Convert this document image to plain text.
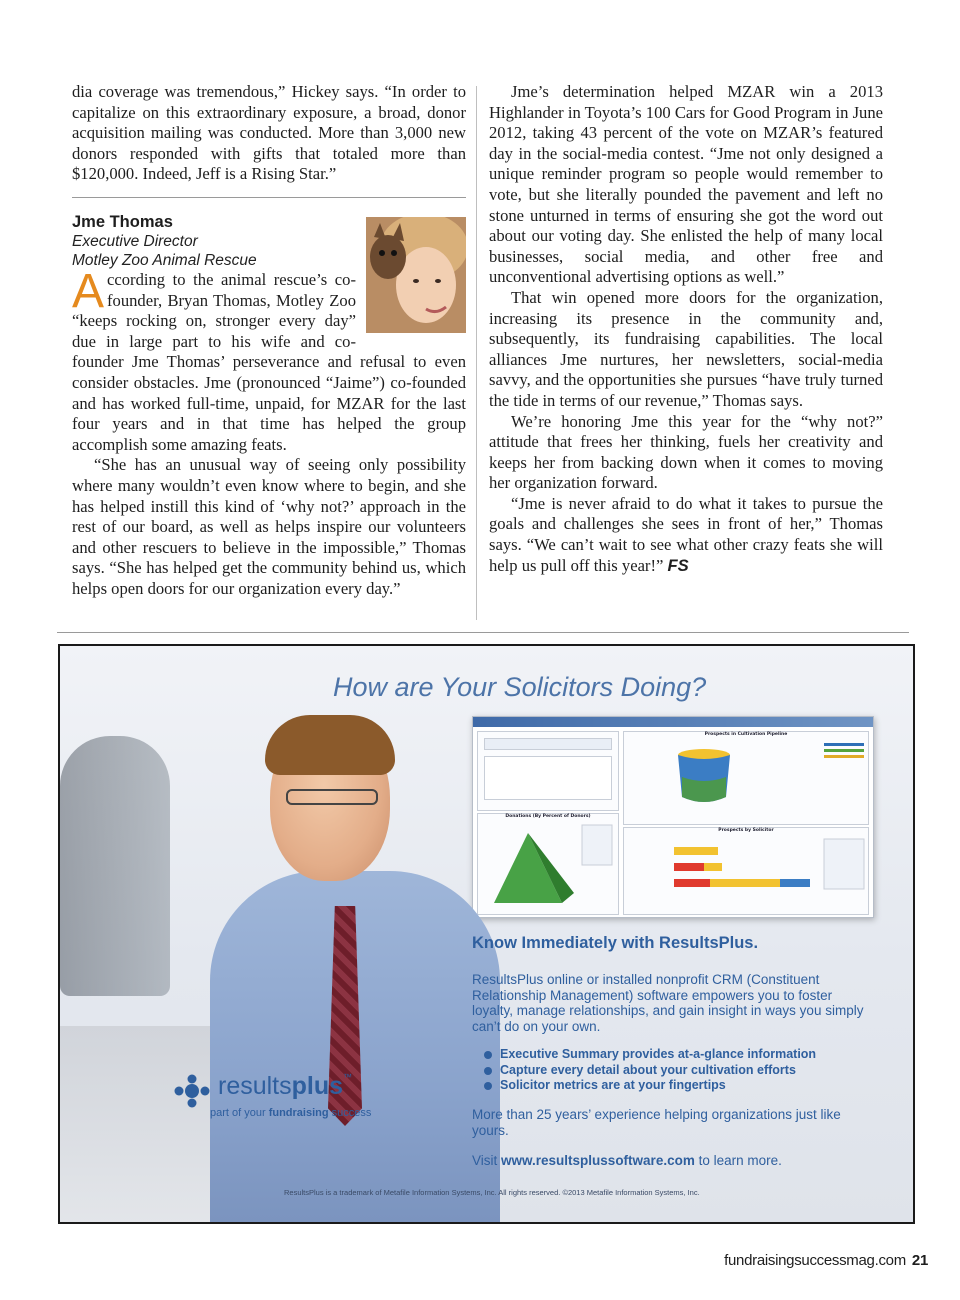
dia coverage was tremendous,” Hickey says. “In order to capitalize on this extraordinary exposure, a broad, donor acquisition mailing was conducted. More than 3,000 new donors responded with gifts that totaled more than $120,000. Indeed, Jeff is a Rising Star.”

Jme Thomas
Executive Director
Motley Zoo Animal Rescue

A ccording to the animal rescue’s co-founder, Bryan Thomas, Motley Zoo “keeps rocking on, stronger every day” due in large part to his wife and co-founder Jme Thomas’ perseverance and refusal to even consider obstacles. Jme (pronounced “Jaime”) co-founded and has worked full-time, unpaid, for MZAR for the last four years and in that time has helped the group accomplish some amazing feats.

“She has an unusual way of seeing only possibility where many wouldn’t even know where to begin, and she has helped instill this kind of ‘why not?’ approach in the rest of our board, as well as helps inspire our volunteers and other rescuers to believe in the impossible,” Thomas says. “She has helped get the community behind us, which helps open doors for our organization every day.”

Jme’s determination helped MZAR win a 2013 Highlander in Toyota’s 100 Cars for Good Program in June 2012, taking 43 percent of the vote on MZAR’s featured day in the social-media contest. “Jme not only designed a unique reminder program so people would remember to vote, but she literally pounded the pavement and left no stone unturned in terms of ensuring she got the word out about our voting day. She enlisted the help of many local businesses, social media, and other free and unconventional advertising options as well.”

That win opened more doors for the organization, increasing its presence in the community and, subsequently, its fundraising capabilities. The local alliances Jme nurtures, her newsletters, social-media savvy, and the opportunities she pursues “have truly turned the tide in terms of our revenue,” Thomas says.

We’re honoring Jme this year for the “why not?” attitude that frees her thinking, fuels her creativity and keeps her from backing down when it comes to moving her organization forward.

“Jme is never afraid to do what it takes to pursue the goals and challenges she sees in front of her,” Thomas says. “We can’t wait to see what other crazy feats she will help us pull off this year!” FS

How are Your Solicitors Doing?
Prospects in Cultivation Pipeline
Donations (By Percent of Donors)
Prospects by Solicitor
Know Immediately with ResultsPlus.
ResultsPlus online or installed nonprofit CRM (Constituent Relationship Management) software empowers you to foster loyalty, manage relationships, and gain insight in ways you simply can’t do on your own.
Executive Summary provides at-a-glance information
Capture every detail about your cultivation efforts
Solicitor metrics are at your fingertips
More than 25 years’ experience helping organizations just like yours.
Visit www.resultsplussoftware.com to learn more.
resultsplus™
part of your fundraising success
ResultsPlus is a trademark of Metafile Information Systems, Inc. All rights reserved. ©2013 Metafile Information Systems, Inc.
fundraisingsuccessmag.com 21
